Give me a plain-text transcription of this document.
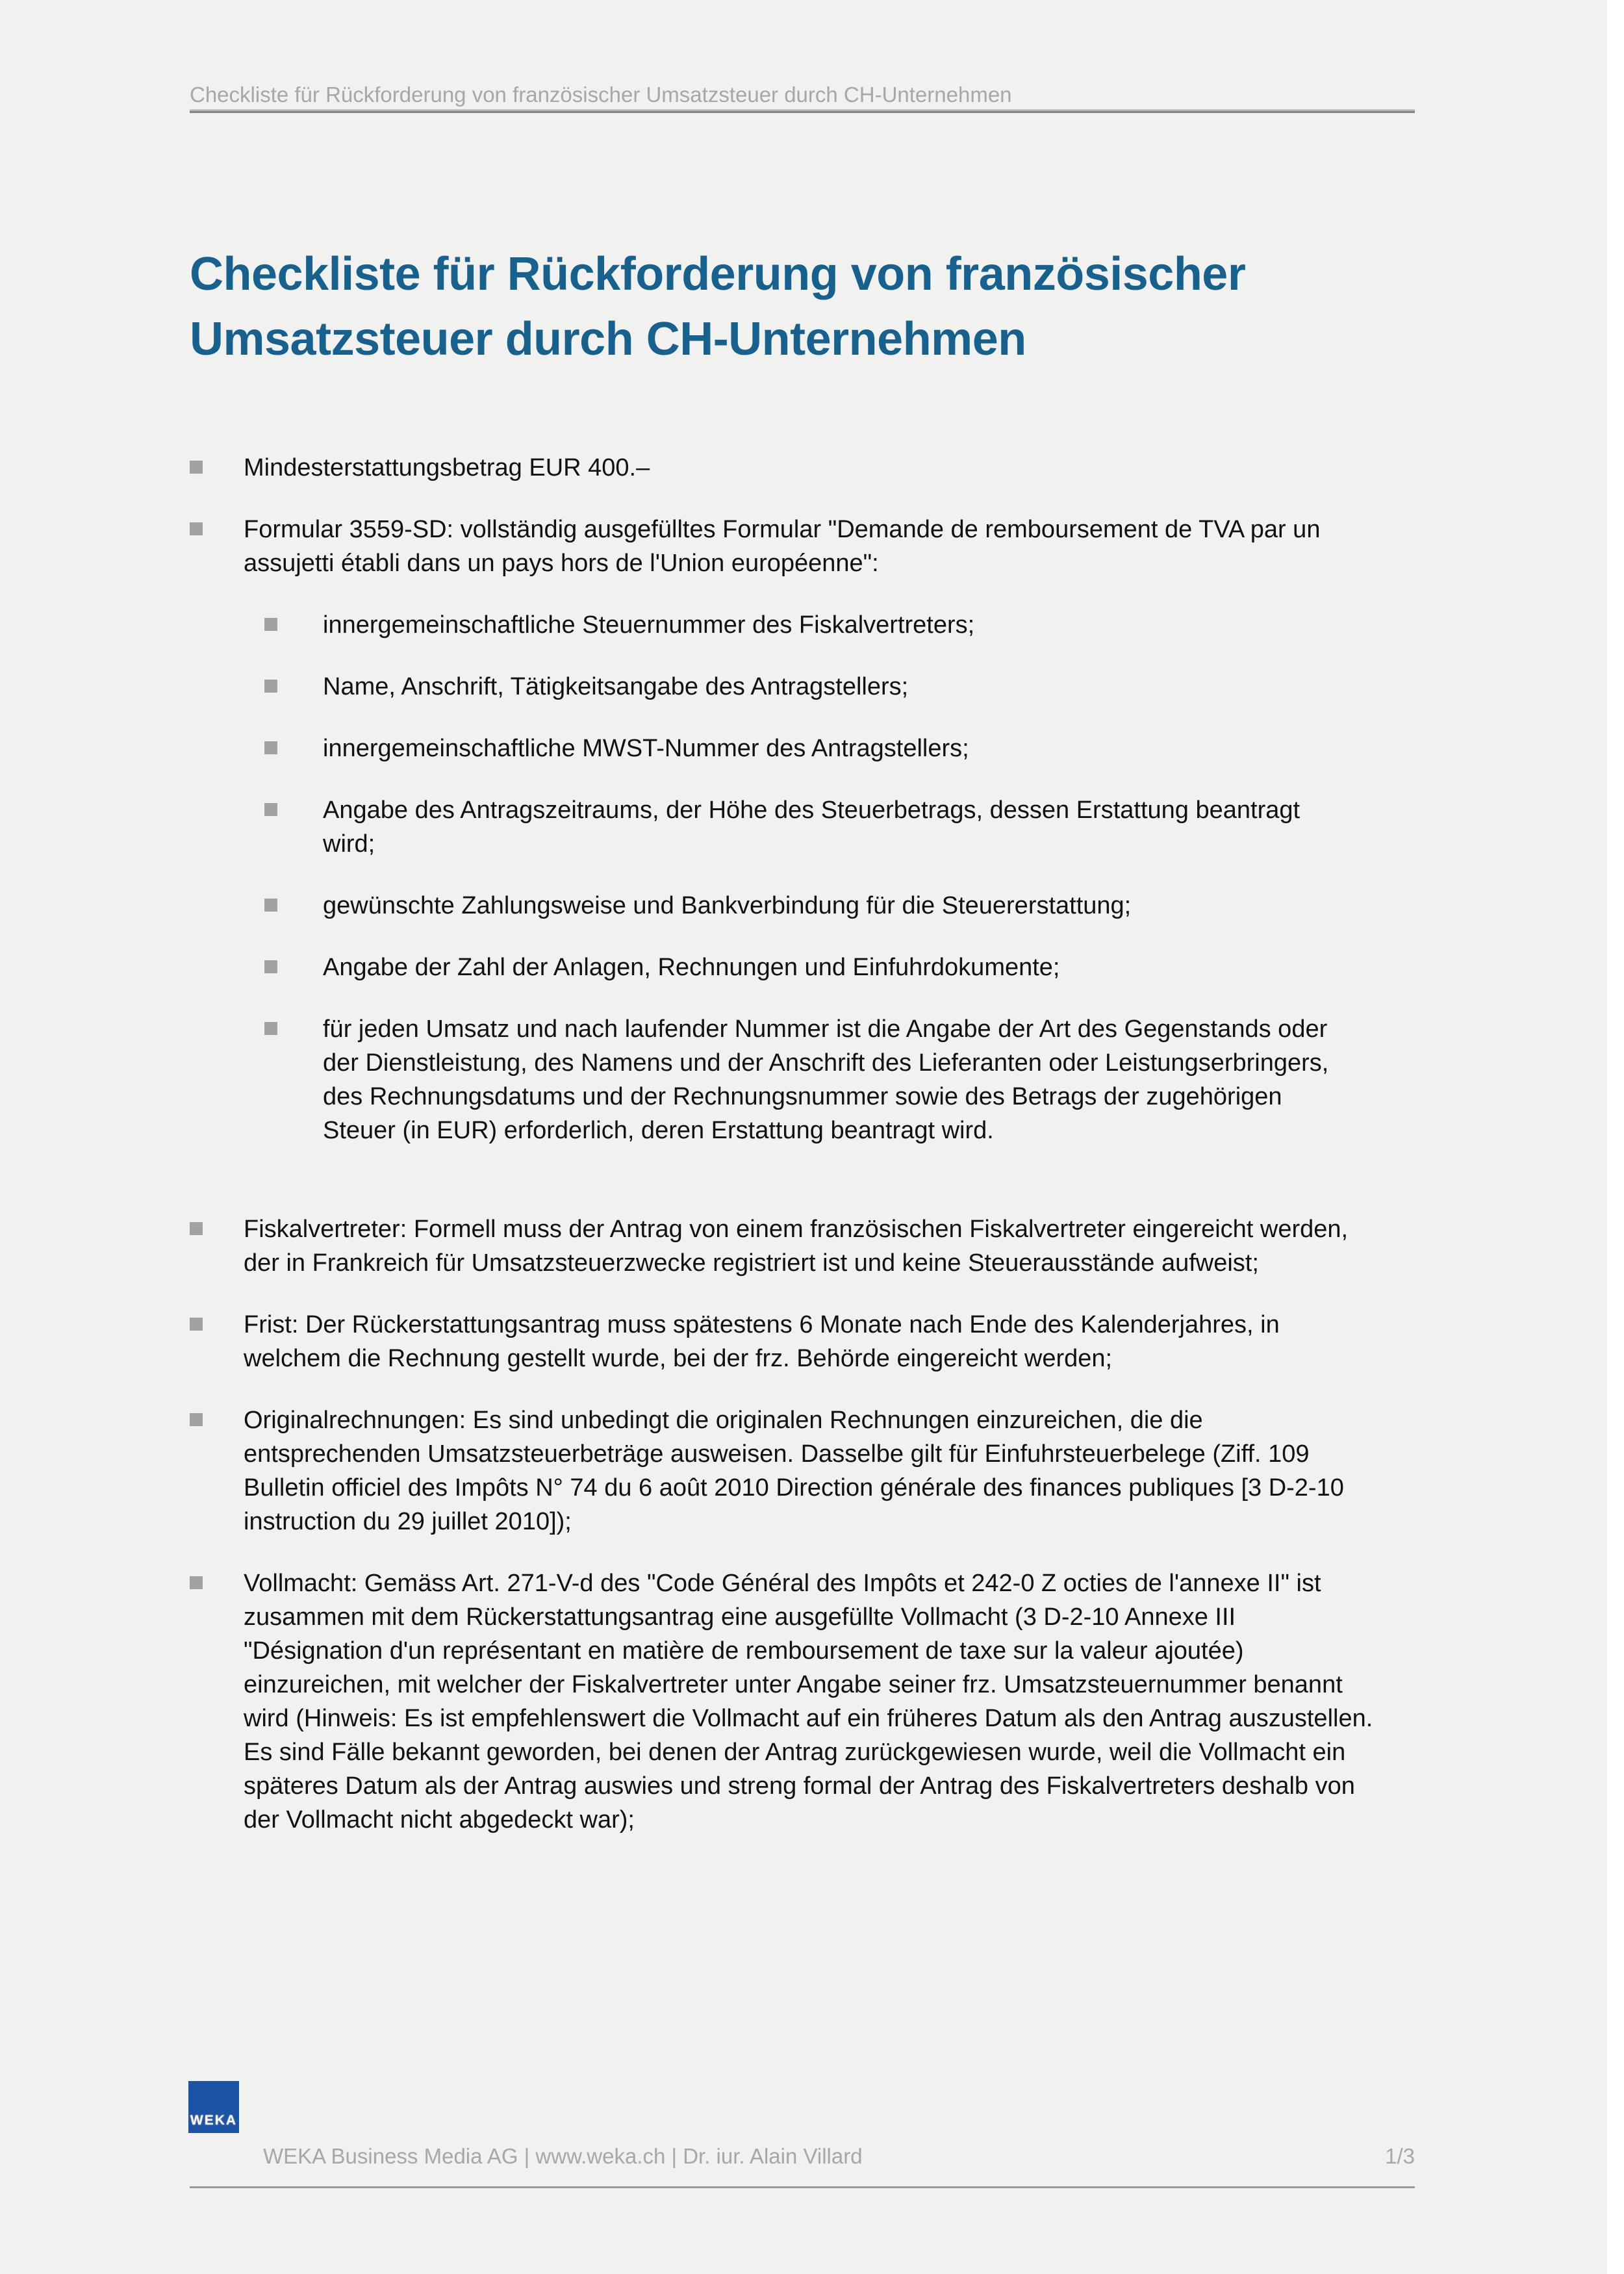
Checkliste für Rückforderung von französischer Umsatzsteuer durch CH-Unternehmen
Checkliste für Rückforderung von französischer Umsatzsteuer durch CH-Unternehmen
Mindesterstattungsbetrag EUR 400.–
Formular 3559-SD: vollständig ausgefülltes Formular "Demande de remboursement de TVA par un assujetti établi dans un pays hors de l'Union européenne":
innergemeinschaftliche Steuernummer des Fiskalvertreters;
Name, Anschrift, Tätigkeitsangabe des Antragstellers;
innergemeinschaftliche MWST-Nummer des Antragstellers;
Angabe des Antragszeitraums, der Höhe des Steuerbetrags, dessen Erstattung beantragt wird;
gewünschte Zahlungsweise und Bankverbindung für die Steuererstattung;
Angabe der Zahl der Anlagen, Rechnungen und Einfuhrdokumente;
für jeden Umsatz und nach laufender Nummer ist die Angabe der Art des Gegenstands oder der Dienstleistung, des Namens und der Anschrift des Lieferanten oder Leistungserbringers, des Rechnungsdatums und der Rechnungsnummer sowie des Betrags der zugehörigen Steuer (in EUR) erforderlich, deren Erstattung beantragt wird.
Fiskalvertreter: Formell muss der Antrag von einem französischen Fiskalvertreter eingereicht werden, der in Frankreich für Umsatzsteuerzwecke registriert ist und keine Steuerausstände aufweist;
Frist: Der Rückerstattungsantrag muss spätestens 6 Monate nach Ende des Kalenderjahres, in welchem die Rechnung gestellt wurde, bei der frz. Behörde eingereicht werden;
Originalrechnungen: Es sind unbedingt die originalen Rechnungen einzureichen, die die entsprechenden Umsatzsteuerbeträge ausweisen. Dasselbe gilt für Einfuhrsteuerbelege (Ziff. 109 Bulletin officiel des Impôts N° 74 du 6 août 2010 Direction générale des finances publiques [3 D-2-10 instruction du 29 juillet 2010]);
Vollmacht: Gemäss Art. 271-V-d des "Code Général des Impôts et 242-0 Z octies de l'annexe II" ist zusammen mit dem Rückerstattungsantrag eine ausgefüllte Vollmacht (3 D-2-10 Annexe III "Désignation d'un représentant en matière de remboursement de taxe sur la valeur ajoutée) einzureichen, mit welcher der Fiskalvertreter unter Angabe seiner frz. Umsatzsteuernummer benannt wird (Hinweis: Es ist empfehlenswert die Vollmacht auf ein früheres Datum als den Antrag auszustellen. Es sind Fälle bekannt geworden, bei denen der Antrag zurückgewiesen wurde, weil die Vollmacht ein späteres Datum als der Antrag auswies und streng formal der Antrag des Fiskalvertreters deshalb von der Vollmacht nicht abgedeckt war);
WEKA
WEKA Business Media AG | www.weka.ch | Dr. iur. Alain Villard	1/3
